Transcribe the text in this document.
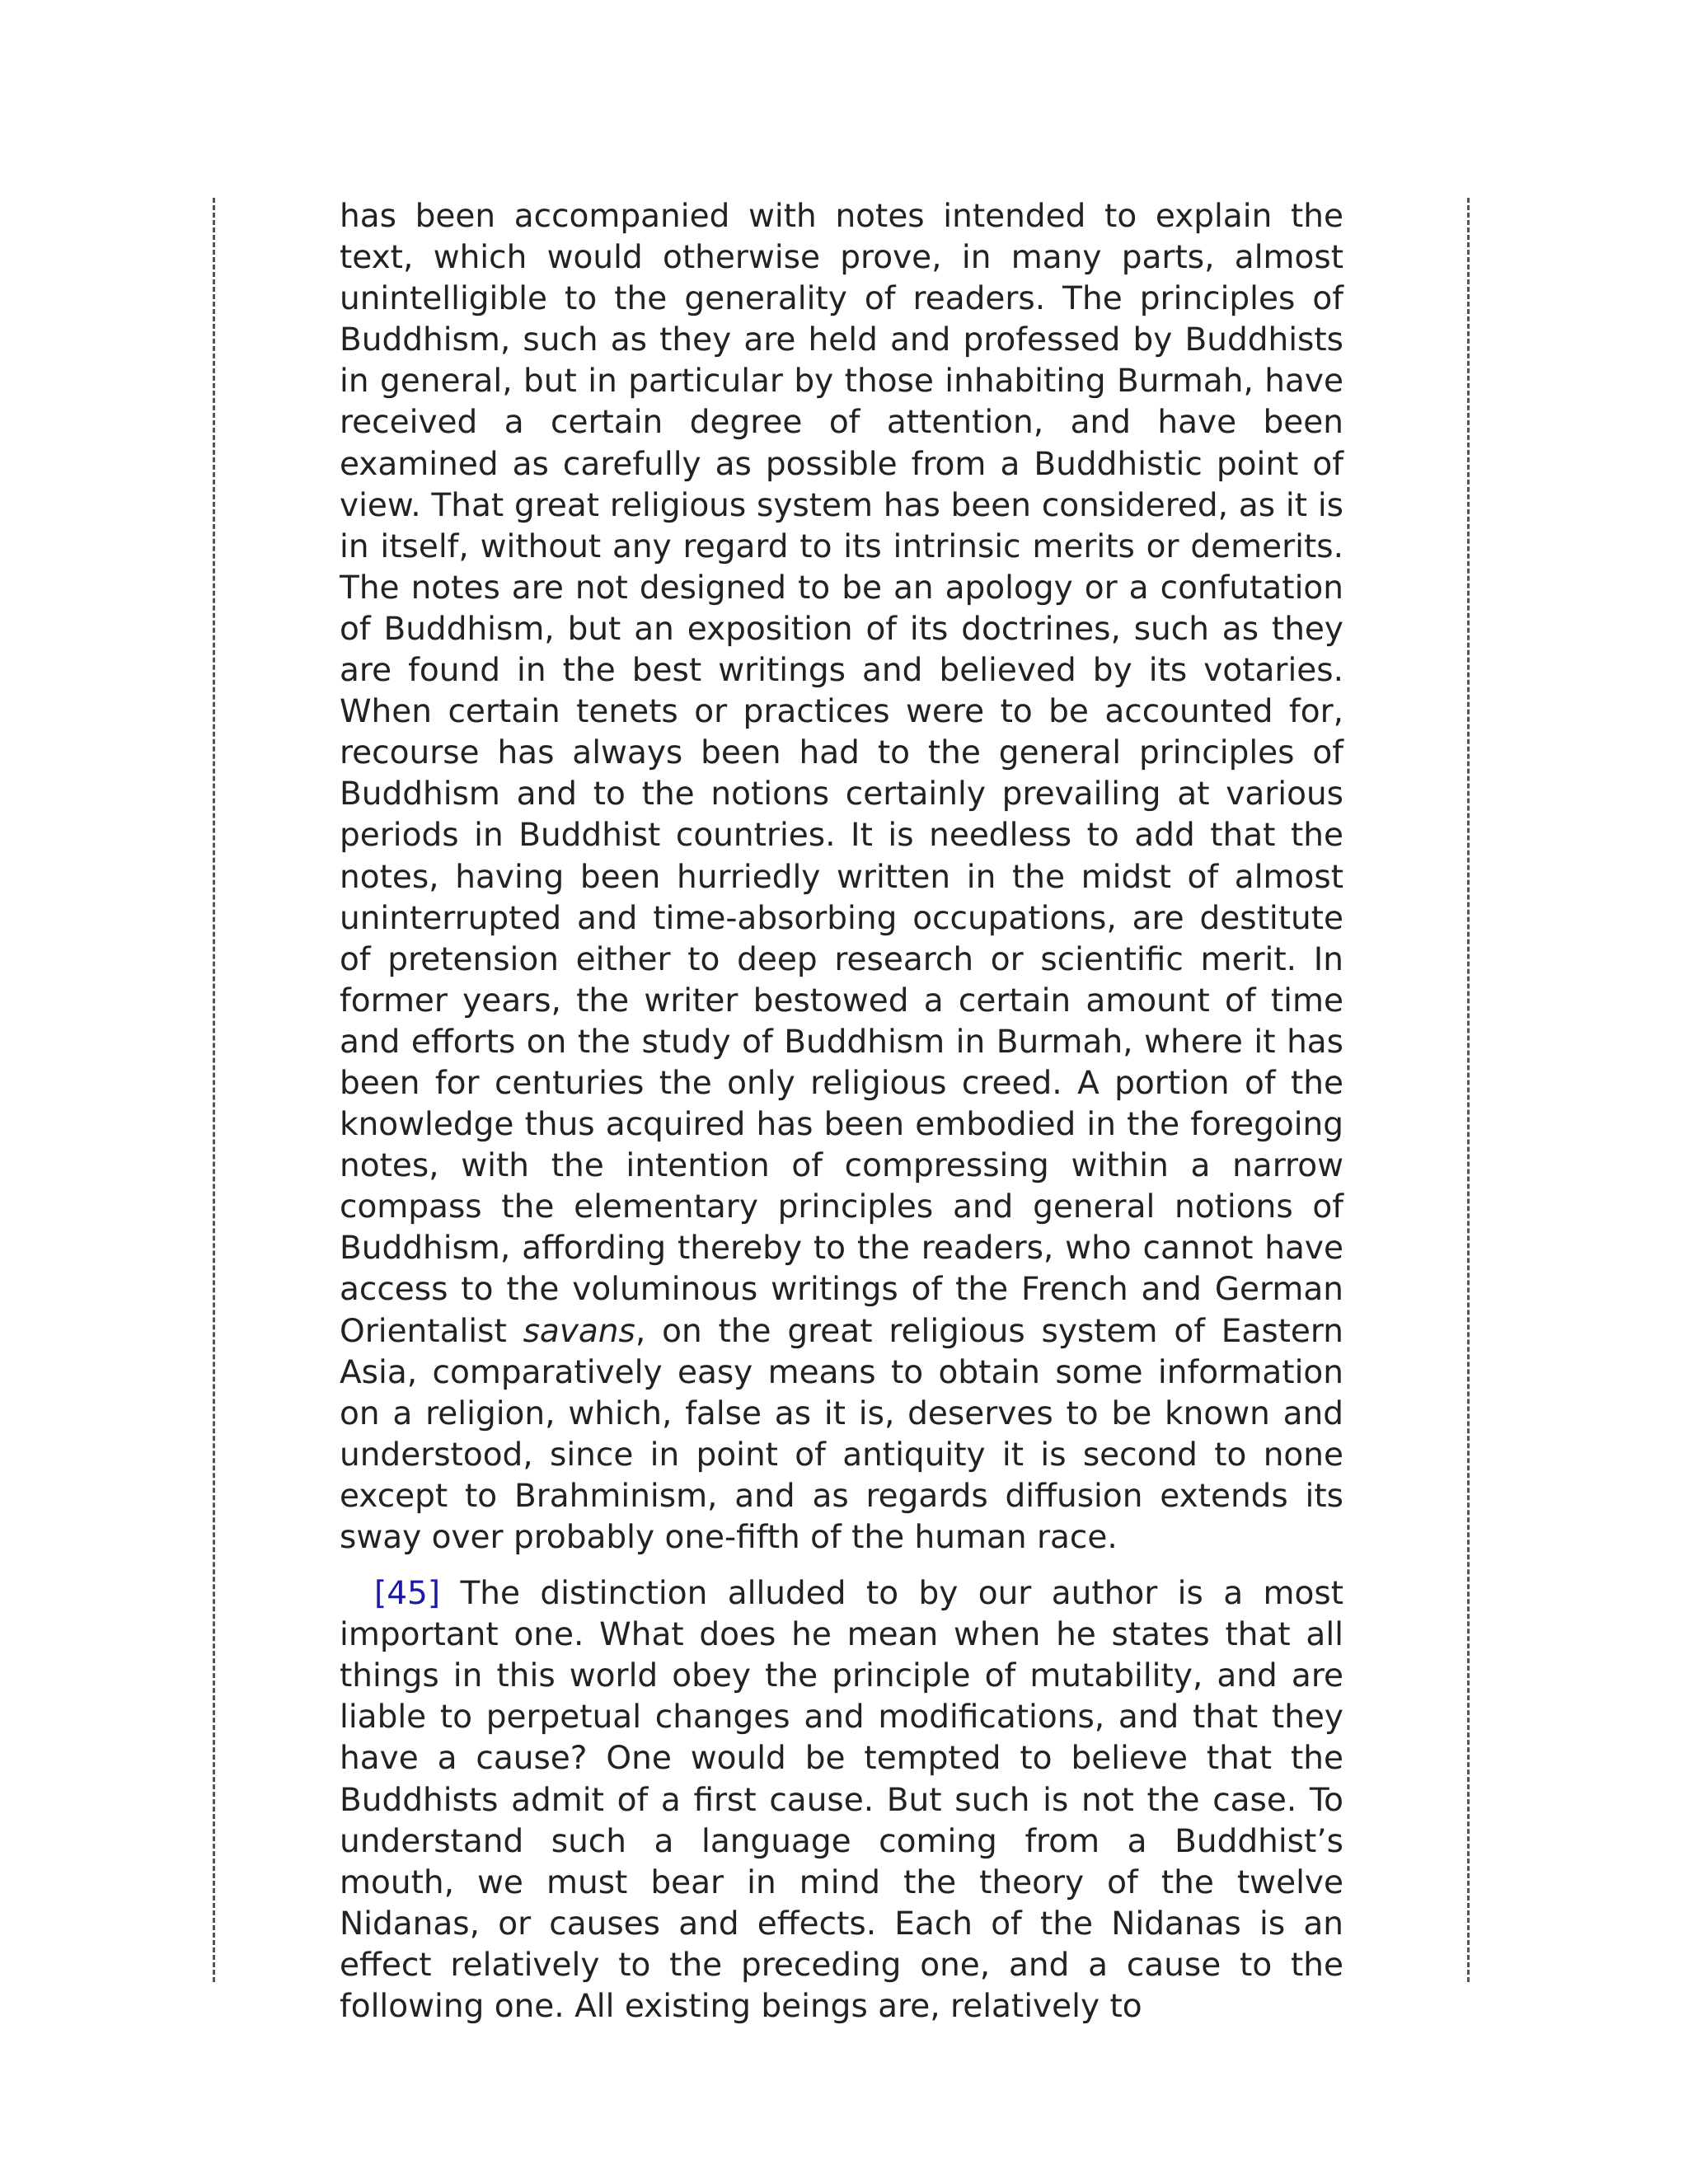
has been accompanied with notes intended to explain the text, which would otherwise prove, in many parts, almost unintelligible to the generality of readers. The principles of Buddhism, such as they are held and professed by Buddhists in general, but in particular by those inhabiting Burmah, have received a certain degree of attention, and have been examined as carefully as possible from a Buddhistic point of view. That great religious system has been considered, as it is in itself, without any regard to its intrinsic merits or demerits. The notes are not designed to be an apology or a confutation of Buddhism, but an exposition of its doctrines, such as they are found in the best writings and believed by its votaries. When certain tenets or practices were to be accounted for, recourse has always been had to the general principles of Buddhism and to the notions certainly prevailing at various periods in Buddhist countries. It is needless to add that the notes, having been hurriedly written in the midst of almost uninterrupted and time-absorbing occupations, are destitute of pretension either to deep research or scientific merit. In former years, the writer bestowed a certain amount of time and efforts on the study of Buddhism in Burmah, where it has been for centuries the only religious creed. A portion of the knowledge thus acquired has been embodied in the foregoing notes, with the intention of compressing within a narrow compass the elementary principles and general notions of Buddhism, affording thereby to the readers, who cannot have access to the voluminous writings of the French and German Orientalist savans, on the great religious system of Eastern Asia, comparatively easy means to obtain some information on a religion, which, false as it is, deserves to be known and understood, since in point of antiquity it is second to none except to Brahminism, and as regards diffusion extends its sway over probably one-fifth of the human race.

[45] The distinction alluded to by our author is a most important one. What does he mean when he states that all things in this world obey the principle of mutability, and are liable to perpetual changes and modifications, and that they have a cause? One would be tempted to believe that the Buddhists admit of a first cause. But such is not the case. To understand such a language coming from a Buddhist’s mouth, we must bear in mind the theory of the twelve Nidanas, or causes and effects. Each of the Nidanas is an effect relatively to the preceding one, and a cause to the following one. All existing beings are, relatively to
